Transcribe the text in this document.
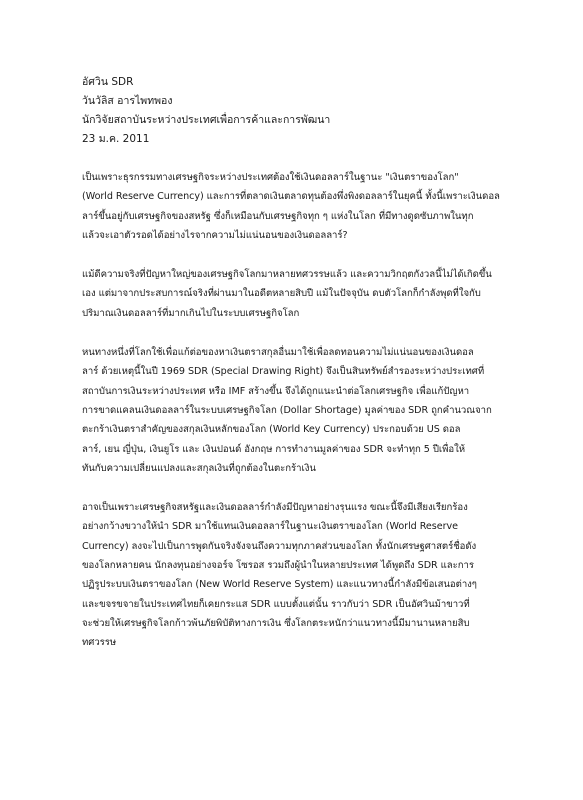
อัศวิน SDR
วันวัลิส อารไพทพอง
นักวิจัยสถาบันระหว่างประเทศเพื่อการค้าและการพัฒนา
23 ม.ค. 2011
เป็นเพราะธุรกรรมทางเศรษฐกิจระหว่างประเทศต้องใช้เงินดอลลาร์ในฐานะ "เงินตราของโลก"
(World Reserve Currency) และการที่ตลาดเงินตลาดทุนต้องพึ่งพิงดอลลาร์ในยุคนี้ ทั้งนี้เพราะเงินดอล
ลาร์ขึ้นอยู่กับเศรษฐกิจของสหรัฐ ซึ่งก็เหมือนกับเศรษฐกิจทุก ๆ แห่งในโลก ที่มีทางดูดซับภาพในทุก
แล้วจะเอาตัวรอดได้อย่างไรจากความไม่แน่นอนของเงินดอลลาร์?
แม้ดีความจริงที่ปัญหาใหญ่ของเศรษฐกิจโลกมาหลายทศวรรษแล้ว และความวิกฤตกังวลนี้ไม่ได้เกิดขึ้น
เอง แต่มาจากประสบการณ์จริงที่ผ่านมาในอดีตหลายสิบปี แม้ในปัจจุบัน ดบตัวโลกก็กำลังพุดที่ใจกับ
ปริมาณเงินดอลลาร์ที่มากเกินไปในระบบเศรษฐกิจโลก
หนทางหนึ่งที่โลกใช้เพื่อแก้ต่อของหาเงินตราสกุลอื่นมาใช้เพื่อลดทอนความไม่แน่นอนของเงินดอล
ลาร์ ด้วยเหตุนี้ในปี 1969 SDR (Special Drawing Right) จึงเป็นสินทรัพย์สำรองระหว่างประเทศที่
สถาบันการเงินระหว่างประเทศ หรือ IMF สร้างขึ้น จึงได้ถูกแนะนำต่อโลกเศรษฐกิจ เพื่อแก้ปัญหา
การขาดแคลนเงินดอลลาร์ในระบบเศรษฐกิจโลก (Dollar Shortage) มูลค่าของ SDR ถูกคำนวณจาก
ตะกร้าเงินตราสำคัญของสกุลเงินหลักของโลก (World Key Currency) ประกอบด้วย US ดอล
ลาร์, เยน ญี่ปุ่น, เงินยูโร และ เงินปอนด์ อังกฤษ การทำงานมูลค่าของ SDR จะทำทุก 5 ปีเพื่อให้
ทันกับความเปลี่ยนแปลงและสกุลเงินที่ถูกต้องในตะกร้าเงิน
อาจเป็นเพราะเศรษฐกิจสหรัฐและเงินดอลลาร์กำลังมีปัญหาอย่างรุนแรง ขณะนี้จึงมีเสียงเรียกร้อง
อย่างกว้างขวางให้นำ SDR มาใช้แทนเงินดอลลาร์ในฐานะเงินตราของโลก (World Reserve
Currency) ลงจะไปเป็นการพูดกันจริงจังจนถึงความทุกภาคส่วนของโลก ทั้งนักเศรษฐศาสตร์ชื่อดัง
ของโลกหลายคน นักลงทุนอย่างจอร์จ โซรอส รวมถึงผู้นำในหลายประเทศ ได้พูดถึง SDR และการ
ปฏิรูประบบเงินตราของโลก (New World Reserve System) และแนวทางนี้กำลังมีข้อเสนอต่างๆ
และขจรขจายในประเทศไทยก็เคยกระแส SDR แบบตั้งแต่นั้น ราวกับว่า SDR เป็นอัศวินม้าขาวที่
จะช่วยให้เศรษฐกิจโลกก้าวพ้นภัยพิบัติทางการเงิน ซึ่งโลกตระหนักว่าแนวทางนี้มีมานานหลายสิบ
ทศวรรษ
